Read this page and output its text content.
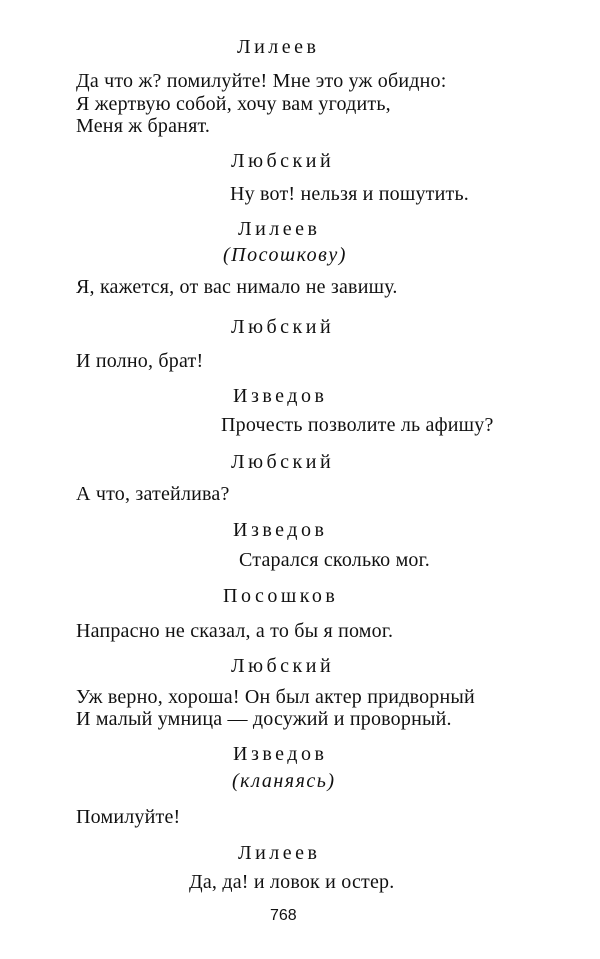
Лилеев
Да что ж? помилуйте! Мне это уж обидно:
Я жертвую собой, хочу вам угодить,
Меня ж бранят.
Любский
Ну вот! нельзя и пошутить.
Лилеев
(Посошкову)
Я, кажется, от вас нимало не завишу.
Любский
И полно, брат!
Изведов
Прочесть позволите ль афишу?
Любский
А что, затейлива?
Изведов
Старался сколько мог.
Посошков
Напрасно не сказал, а то бы я помог.
Любский
Уж верно, хороша! Он был актер придворный
И малый умница — досужий и проворный.
Изведов
(кланяясь)
Помилуйте!
Лилеев
Да, да! и ловок и остер.
768
